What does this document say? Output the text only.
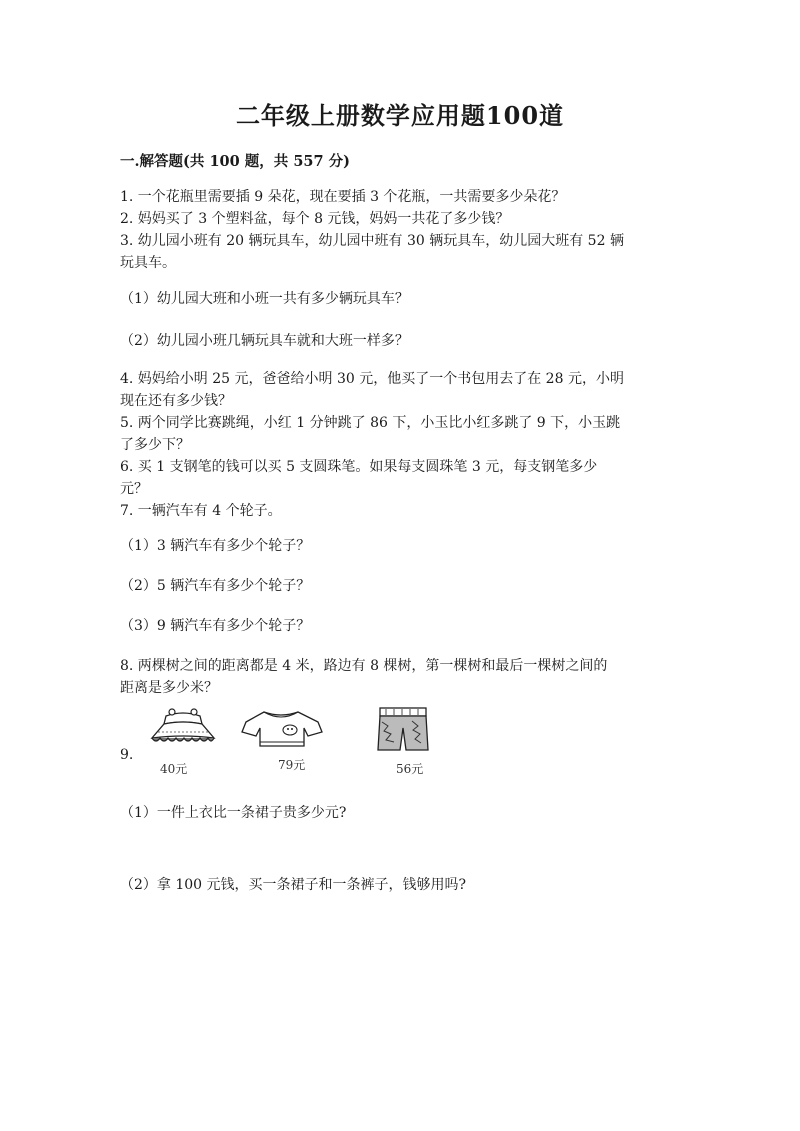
二年级上册数学应用题100道
一.解答题(共 100 题，共 557 分)
1. 一个花瓶里需要插 9 朵花，现在要插 3 个花瓶，一共需要多少朵花？
2. 妈妈买了 3 个塑料盆，每个 8 元钱，妈妈一共花了多少钱？
3. 幼儿园小班有 20 辆玩具车，幼儿园中班有 30 辆玩具车，幼儿园大班有 52 辆
玩具车。
（1）幼儿园大班和小班一共有多少辆玩具车？
（2）幼儿园小班几辆玩具车就和大班一样多？
4. 妈妈给小明 25 元，爸爸给小明 30 元，他买了一个书包用去了在 28 元，小明
现在还有多少钱？
5. 两个同学比赛跳绳，小红 1 分钟跳了 86 下，小玉比小红多跳了 9 下，小玉跳
了多少下？
6. 买 1 支钢笔的钱可以买 5 支圆珠笔。如果每支圆珠笔 3 元，每支钢笔多少
元？
7. 一辆汽车有 4 个轮子。
（1）3 辆汽车有多少个轮子？
（2）5 辆汽车有多少个轮子？
（3）9 辆汽车有多少个轮子？
8. 两棵树之间的距离都是 4 米，路边有 8 棵树，第一棵树和最后一棵树之间的
距离是多少米？
9.
40元	79元	56元
（1）一件上衣比一条裙子贵多少元?
（2）拿 100 元钱，买一条裙子和一条裤子，钱够用吗?
